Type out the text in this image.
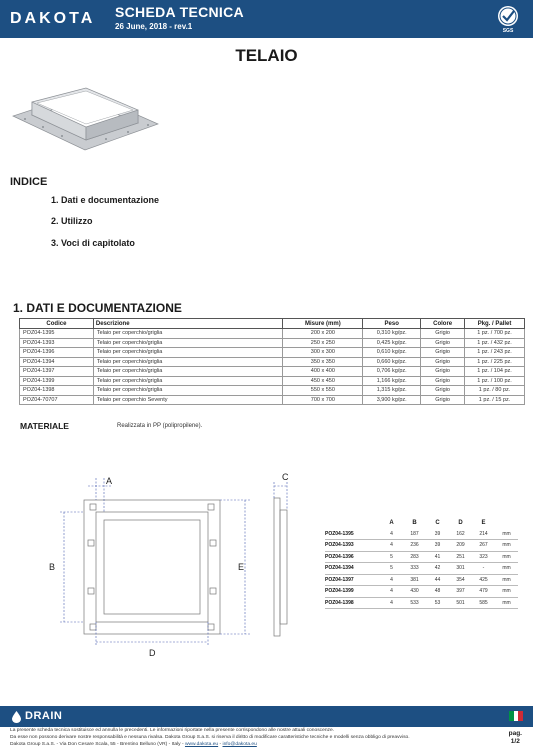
DAKOTA SCHEDA TECNICA
26 June, 2018 - rev.1	SGS
TELAIO
INDICE
1. Dati e documentazione
2. Utilizzo
3. Voci di capitolato
1. DATI E DOCUMENTAZIONE
Codice	Descrizione	Misure (mm)	Peso	Colore	Pkg. / Pallet
POZ04-1395	Telaio per coperchio/griglia	200 x 200	0,310 kg/pz.	Grigio	1 pz. / 700 pz.
POZ04-1393	Telaio per coperchio/griglia	250 x 250	0,425 kg/pz.	Grigio	1 pz. / 432 pz.
POZ04-1396	Telaio per coperchio/griglia	300 x 300	0,610 kg/pz.	Grigio	1 pz. / 243 pz.
POZ04-1394	Telaio per coperchio/griglia	350 x 350	0,660 kg/pz.	Grigio	1 pz. / 225 pz.
POZ04-1397	Telaio per coperchio/griglia	400 x 400	0,706 kg/pz.	Grigio	1 pz. / 104 pz.
POZ04-1399	Telaio per coperchio/griglia	450 x 450	1,166 kg/pz.	Grigio	1 pz. / 100 pz.
POZ04-1398	Telaio per coperchio/griglia	550 x 550	1,315 kg/pz.	Grigio	1 pz. / 80 pz.
POZ04-70707	Telaio per coperchio Seventy	700 x 700	3,900 kg/pz.	Grigio	1 pz. / 15 pz.
MATERIALE	Realizzata in PP (polipropilene).
A
B
C
D
E
	A	B	C	D	E	
POZ04-1395	4	187	39	162	214	mm
POZ04-1393	4	236	39	209	267	mm
POZ04-1396	5	283	41	251	323	mm
POZ04-1394	5	333	42	301	-	mm
POZ04-1397	4	381	44	354	425	mm
POZ04-1399	4	430	48	397	479	mm
POZ04-1398	4	533	53	501	585	mm
DRAIN
La presente scheda tecnica sostituisce ed annulla le precedenti. Le informazioni riportate nella presente corrispondono alle nostre attuali conoscenze.
Da esse non possono derivare nostre responsabilità e nessuna rivalsa. Dakota Group S.a.S. si riserva il diritto di modificare caratteristiche tecniche e modelli senza obbligo di preavviso.
Dakota Group S.a.S. - Via Don Cesare Scala, 55 - Brentino Belluno (VR) - Italy - www.dakota.eu - info@dakota.eu
pag.
1/2
